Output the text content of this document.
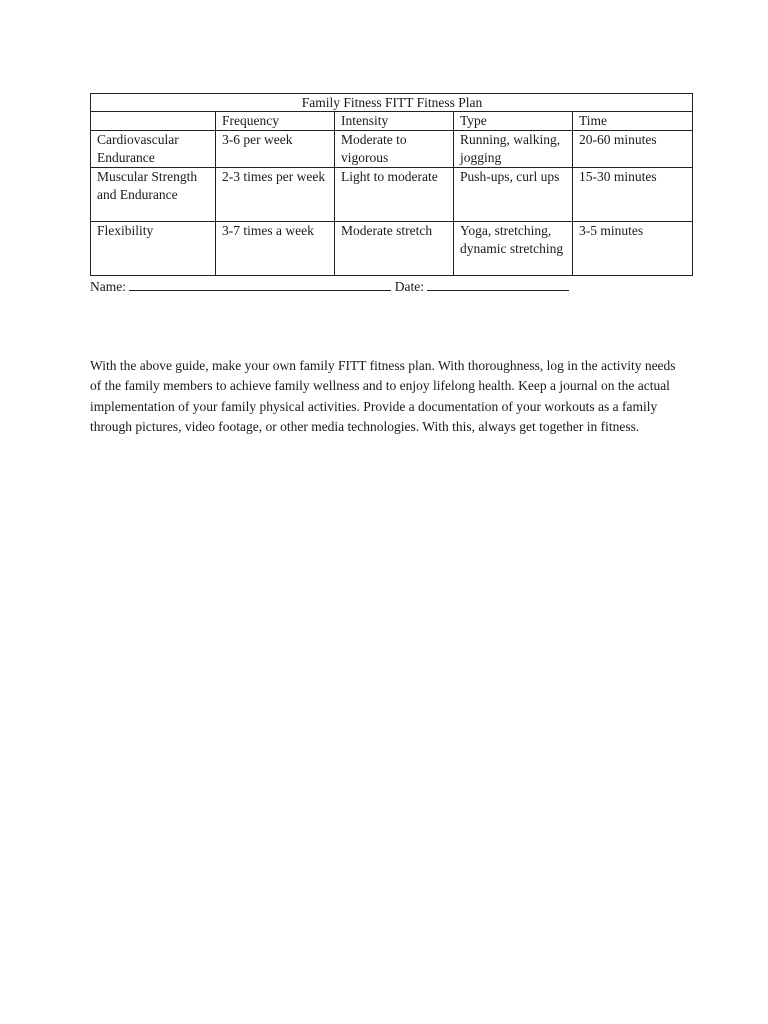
Family Fitness FITT Fitness Plan				
	Frequency	Intensity	Type	Time
Cardiovascular Endurance	3-6 per week	Moderate to vigorous	Running, walking, jogging	20-60 minutes
Muscular Strength and Endurance	2-3 times per week	Light to moderate	Push-ups, curl ups	15-30 minutes
Flexibility	3-7 times a week	Moderate stretch	Yoga, stretching, dynamic stretching	3-5 minutes
Name:	Date:

With the above guide, make your own family FITT fitness plan. With thoroughness, log in the activity needs of the family members to achieve family wellness and to enjoy lifelong health. Keep a journal on the actual implementation of your family physical activities. Provide a documentation of your workouts as a family through pictures, video footage, or other media technologies. With this, always get together in fitness.
